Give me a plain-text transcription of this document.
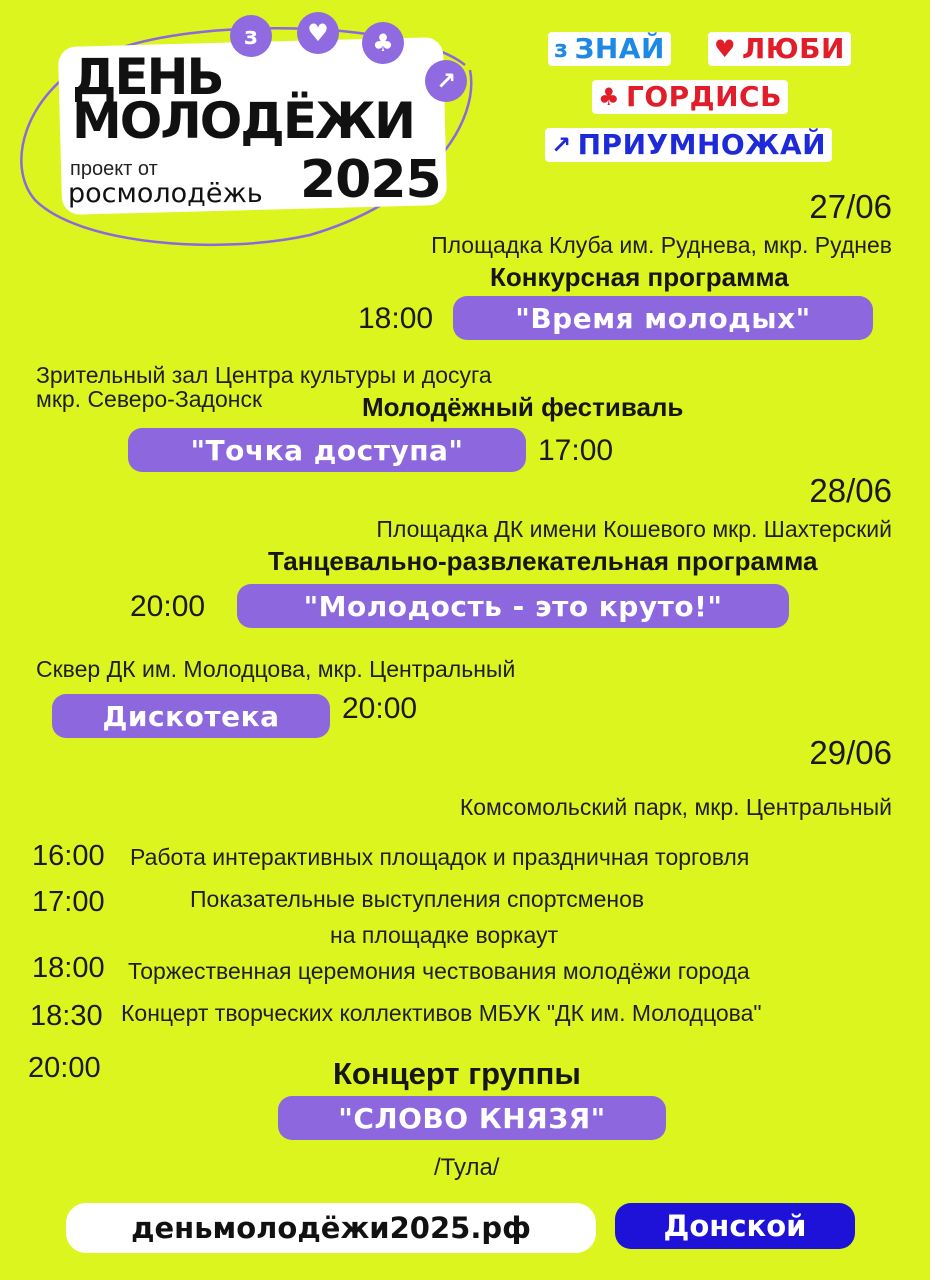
ДЕНЬ
МОЛОДЁЖИ
проект от
росмолодёжь 2025
з	♥	♣
↗
з ЗНАЙ ♥ ЛЮБИ
♣ ГОРДИСЬ
↗ ПРИУМНОЖАЙ
27/06
Площадка Клуба им. Руднева, мкр. Руднев
Конкурсная программа
18:00	"Время молодых"
Зрительный зал Центра культуры и досуга
мкр. Северо-Задонск	Молодёжный фестиваль
"Точка доступа"	17:00
28/06
Площадка ДК имени Кошевого мкр. Шахтерский
Танцевально-развлекательная программа
20:00	"Молодость - это круто!"
Сквер ДК им. Молодцова, мкр. Центральный
Дискотека	20:00
29/06
Комсомольский парк, мкр. Центральный
16:00 Работа интерактивных площадок и праздничная торговля
17:00	Показательные выступления спортсменов
на площадке воркаут
18:00 Торжественная церемония чествования молодёжи города
18:30 Концерт творческих коллективов МБУК "ДК им. Молодцова"
20:00	Концерт группы
"СЛОВО КНЯЗЯ"
/Тула/
деньмолодёжи2025.рф	Донской
